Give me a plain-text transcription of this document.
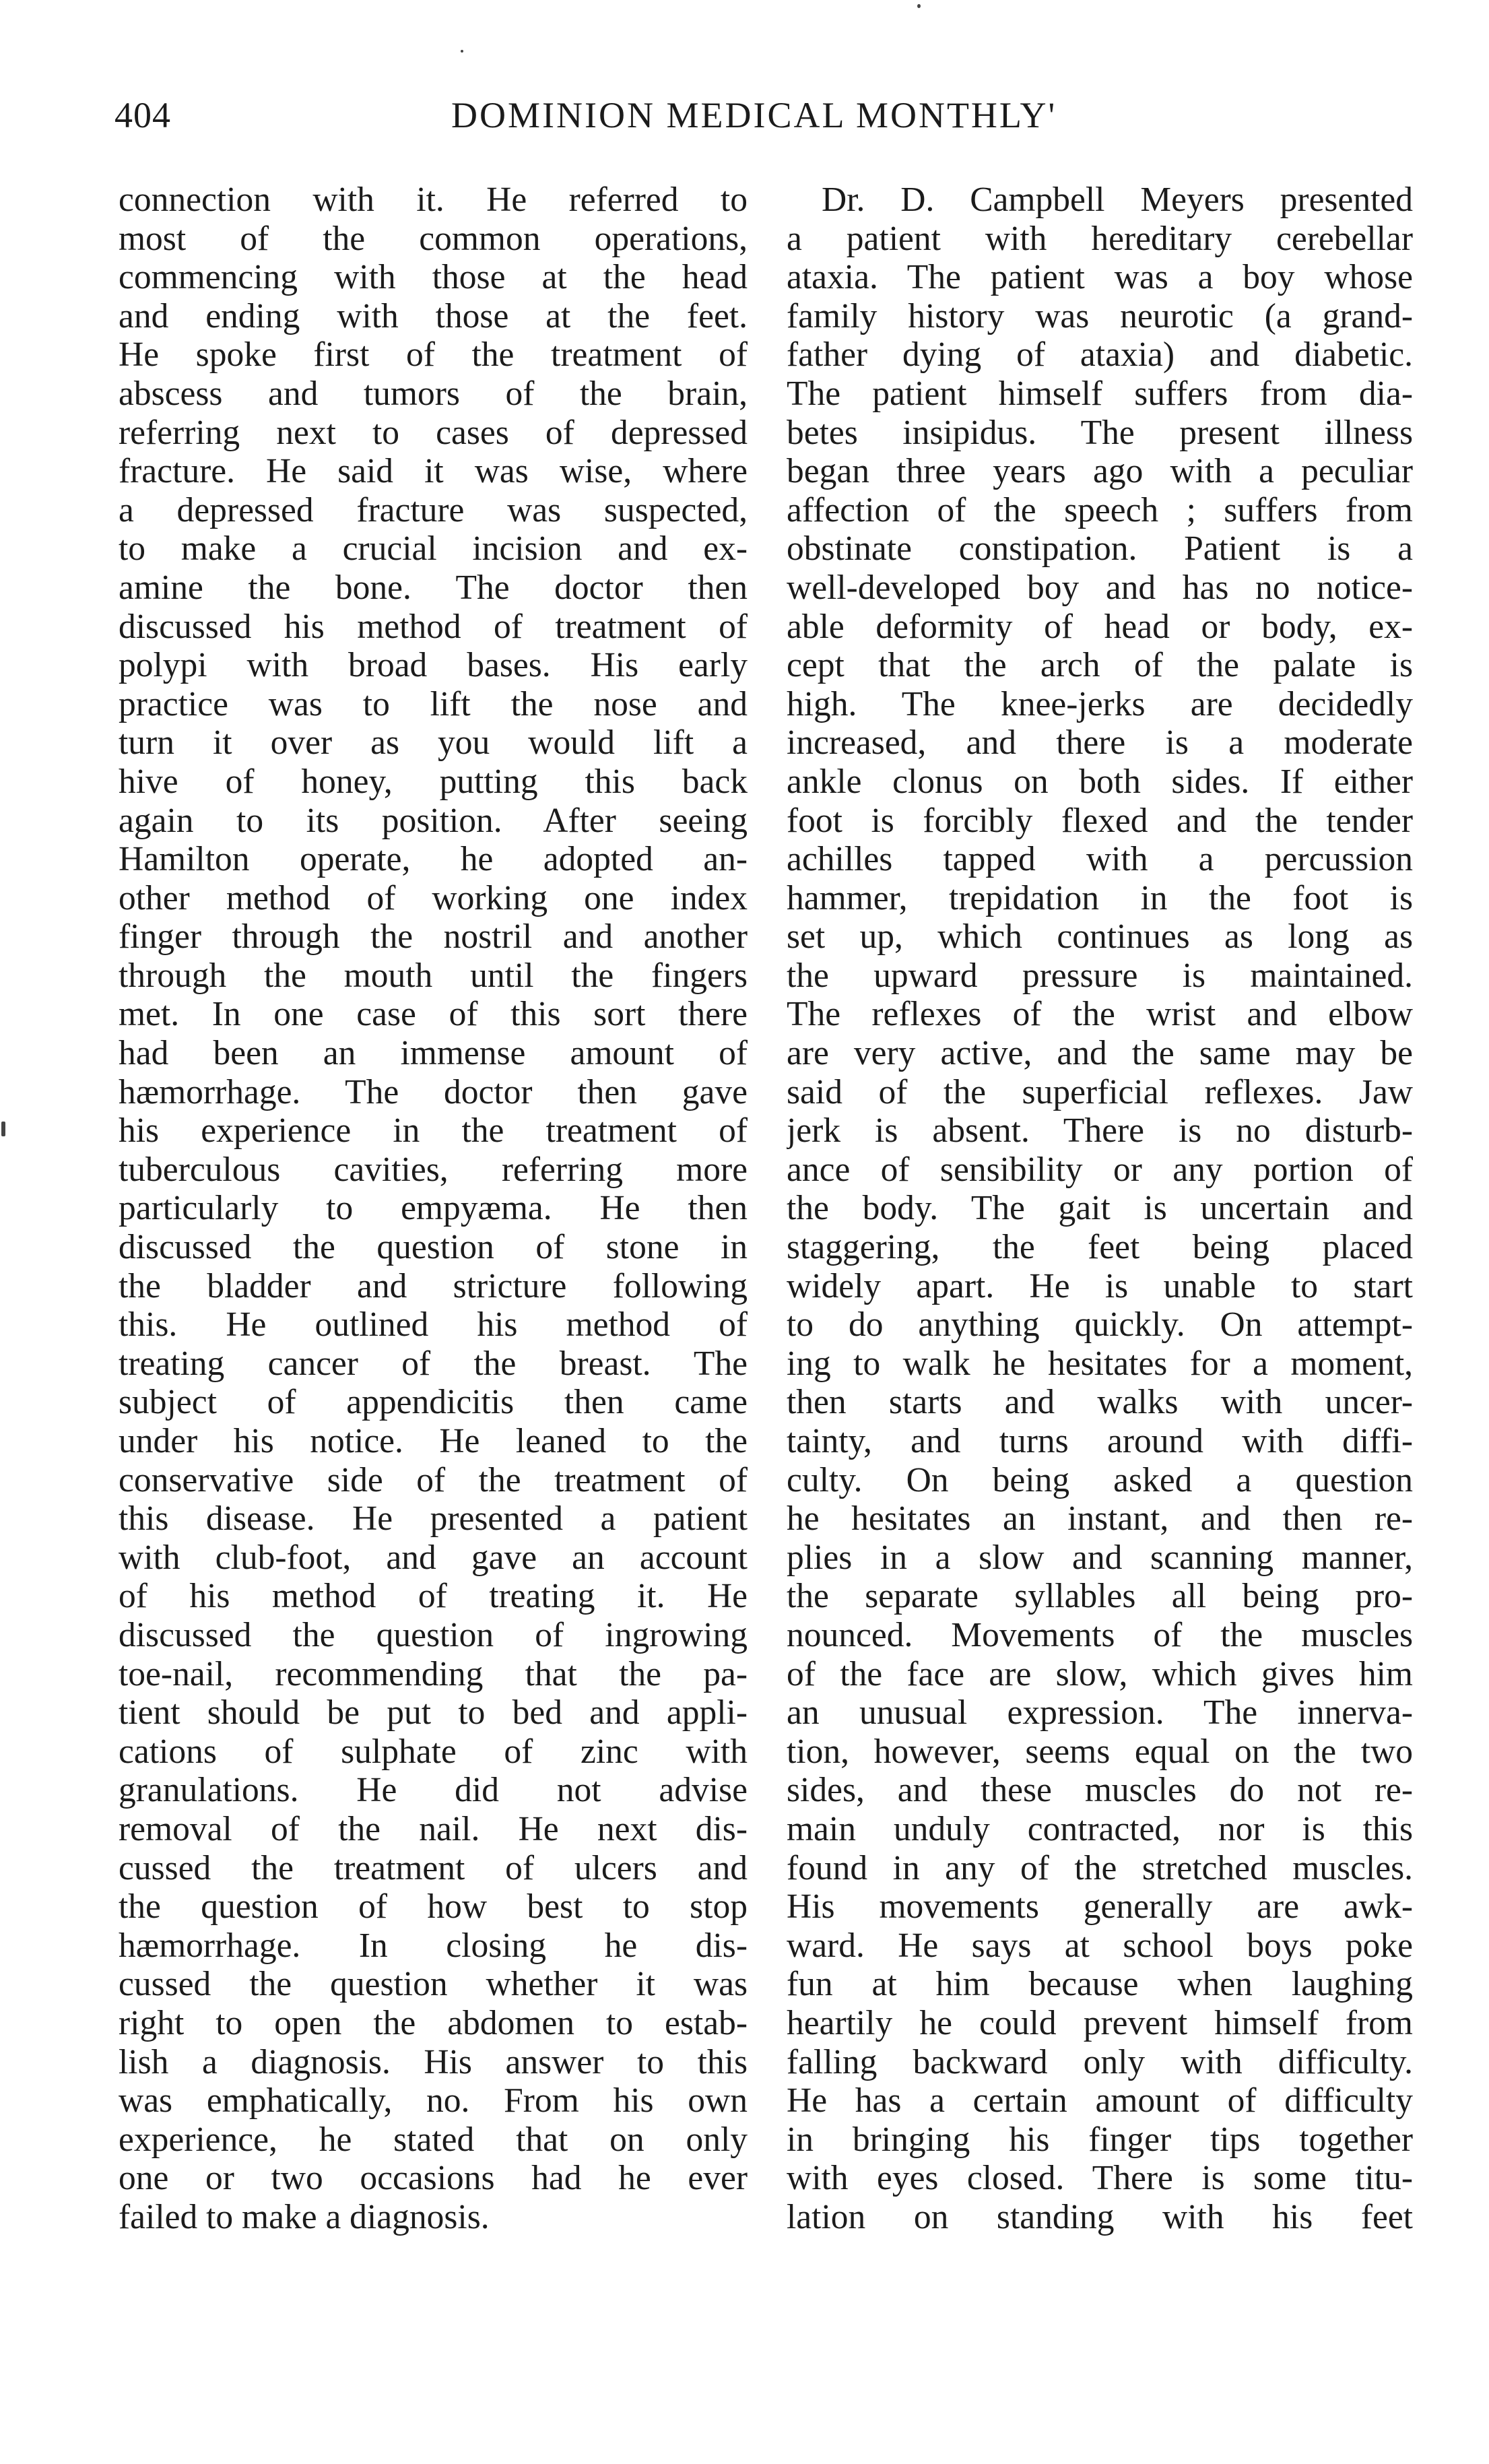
404	DOMINION MEDICAL MONTHLY'
connection with it. He referred to
most of the common operations,
commencing with those at the head
and ending with those at the feet.
He spoke first of the treatment of
abscess and tumors of the brain,
referring next to cases of depressed
fracture. He said it was wise, where
a depressed fracture was suspected,
to make a crucial incision and ex-
amine the bone. The doctor then
discussed his method of treatment of
polypi with broad bases. His early
practice was to lift the nose and
turn it over as you would lift a
hive of honey, putting this back
again to its position. After seeing
Hamilton operate, he adopted an-
other method of working one index
finger through the nostril and another
through the mouth until the fingers
met. In one case of this sort there
had been an immense amount of
hæmorrhage. The doctor then gave
his experience in the treatment of
tuberculous cavities, referring more
particularly to empyæma. He then
discussed the question of stone in
the bladder and stricture following
this. He outlined his method of
treating cancer of the breast. The
subject of appendicitis then came
under his notice. He leaned to the
conservative side of the treatment of
this disease. He presented a patient
with club-foot, and gave an account
of his method of treating it. He
discussed the question of ingrowing
toe-nail, recommending that the pa-
tient should be put to bed and appli-
cations of sulphate of zinc with
granulations. He did not advise
removal of the nail. He next dis-
cussed the treatment of ulcers and
the question of how best to stop
hæmorrhage. In closing he dis-
cussed the question whether it was
right to open the abdomen to estab-
lish a diagnosis. His answer to this
was emphatically, no. From his own
experience, he stated that on only
one or two occasions had he ever
failed to make a diagnosis.
Dr. D. Campbell Meyers presented
a patient with hereditary cerebellar
ataxia. The patient was a boy whose
family history was neurotic (a grand-
father dying of ataxia) and diabetic.
The patient himself suffers from dia-
betes insipidus. The present illness
began three years ago with a peculiar
affection of the speech ; suffers from
obstinate constipation. Patient is a
well-developed boy and has no notice-
able deformity of head or body, ex-
cept that the arch of the palate is
high. The knee-jerks are decidedly
increased, and there is a moderate
ankle clonus on both sides. If either
foot is forcibly flexed and the tender
achilles tapped with a percussion
hammer, trepidation in the foot is
set up, which continues as long as
the upward pressure is maintained.
The reflexes of the wrist and elbow
are very active, and the same may be
said of the superficial reflexes. Jaw
jerk is absent. There is no disturb-
ance of sensibility or any portion of
the body. The gait is uncertain and
staggering, the feet being placed
widely apart. He is unable to start
to do anything quickly. On attempt-
ing to walk he hesitates for a moment,
then starts and walks with uncer-
tainty, and turns around with diffi-
culty. On being asked a question
he hesitates an instant, and then re-
plies in a slow and scanning manner,
the separate syllables all being pro-
nounced. Movements of the muscles
of the face are slow, which gives him
an unusual expression. The innerva-
tion, however, seems equal on the two
sides, and these muscles do not re-
main unduly contracted, nor is this
found in any of the stretched muscles.
His movements generally are awk-
ward. He says at school boys poke
fun at him because when laughing
heartily he could prevent himself from
falling backward only with difficulty.
He has a certain amount of difficulty
in bringing his finger tips together
with eyes closed. There is some titu-
lation on standing with his feet
